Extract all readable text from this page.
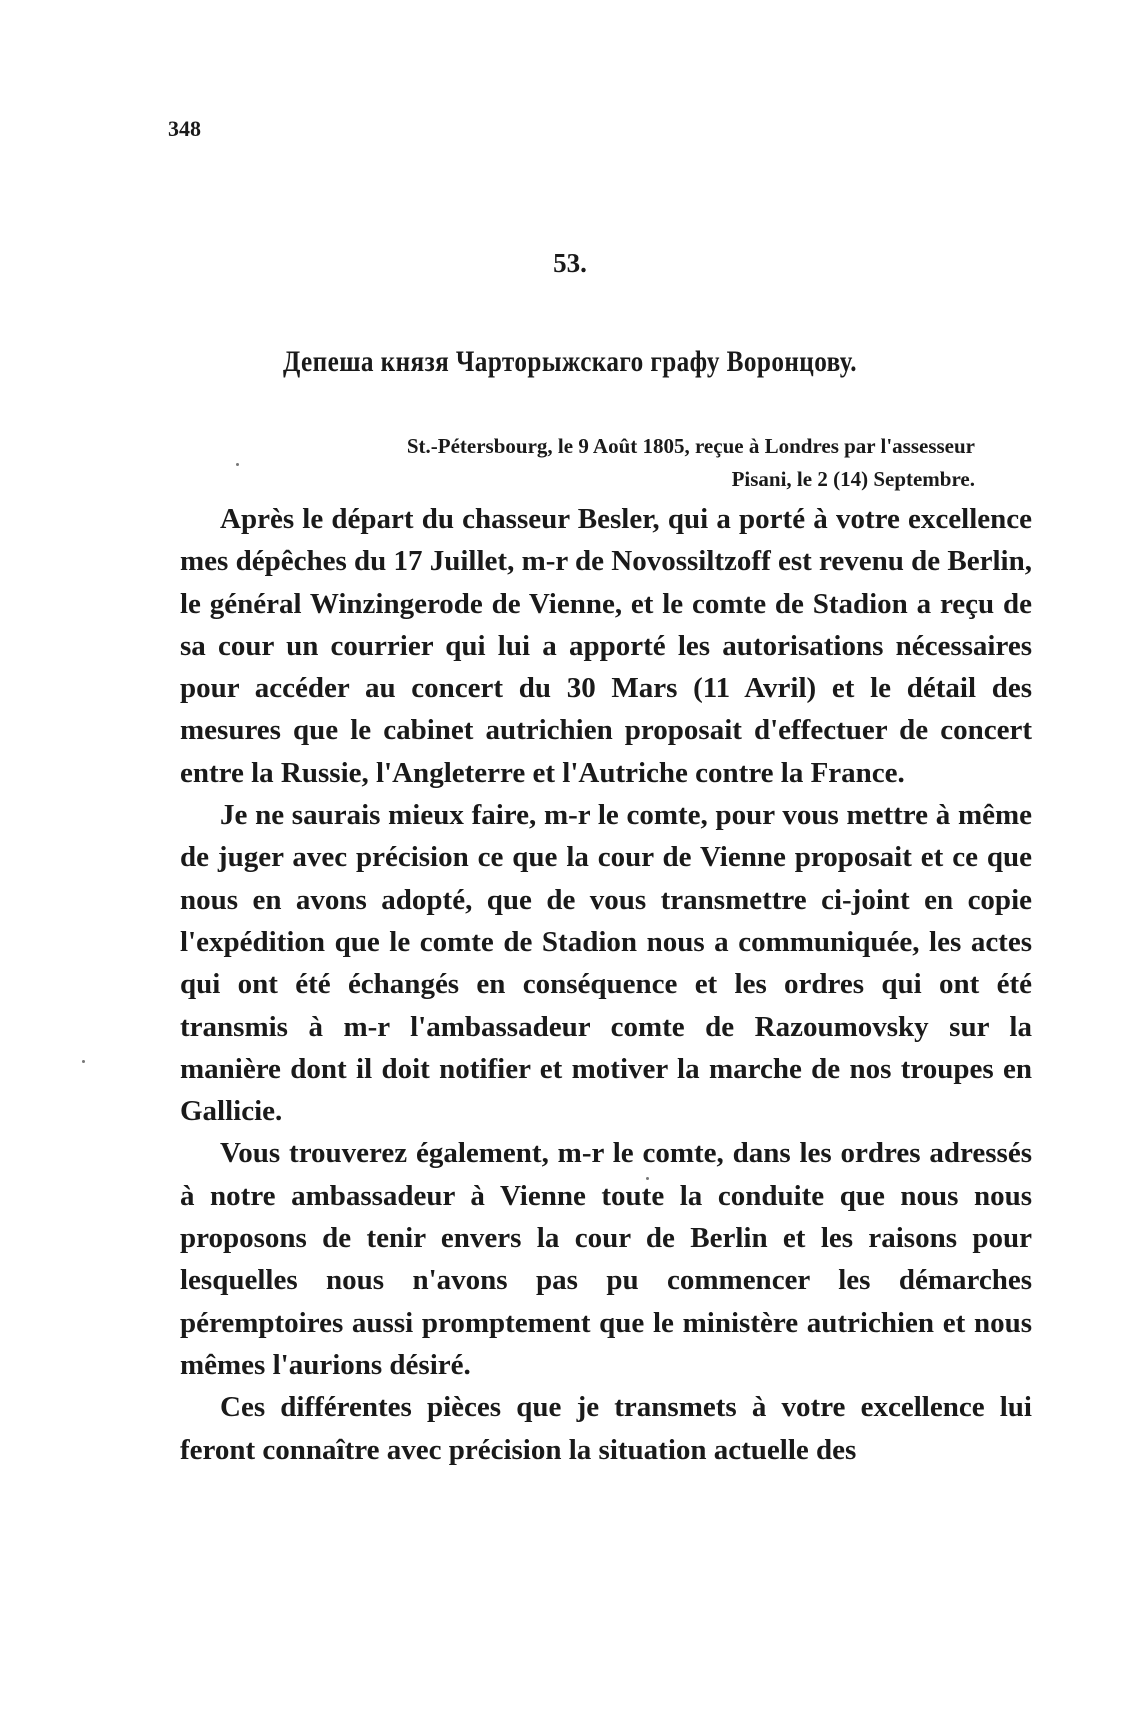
348
53.
Депеша князя Чарторыжскаго графу Воронцову.
St.-Pétersbourg, le 9 Août 1805, reçue à Londres par l'assesseur
Pisani, le 2 (14) Septembre.

Après le départ du chasseur Besler, qui a porté à votre excellence mes dépêches du 17 Juillet, m-r de Novossiltzoff est revenu de Berlin, le général Winzingerode de Vienne, et le comte de Stadion a reçu de sa cour un courrier qui lui a apporté les autorisations nécessaires pour accéder au concert du 30 Mars (11 Avril) et le détail des mesures que le cabinet autrichien proposait d'effectuer de concert entre la Russie, l'Angleterre et l'Autriche contre la France.

Je ne saurais mieux faire, m-r le comte, pour vous mettre à même de juger avec précision ce que la cour de Vienne proposait et ce que nous en avons adopté, que de vous transmettre ci-joint en copie l'expédition que le comte de Stadion nous a communiquée, les actes qui ont été échangés en conséquence et les ordres qui ont été transmis à m-r l'ambassadeur comte de Razoumovsky sur la manière dont il doit notifier et motiver la marche de nos troupes en Gallicie.

Vous trouverez également, m-r le comte, dans les ordres adressés à notre ambassadeur à Vienne toute la conduite que nous nous proposons de tenir envers la cour de Berlin et les raisons pour lesquelles nous n'avons pas pu commencer les démarches péremptoires aussi promptement que le ministère autrichien et nous mêmes l'aurions désiré.

Ces différentes pièces que je transmets à votre excellence lui feront connaître avec précision la situation actuelle des
